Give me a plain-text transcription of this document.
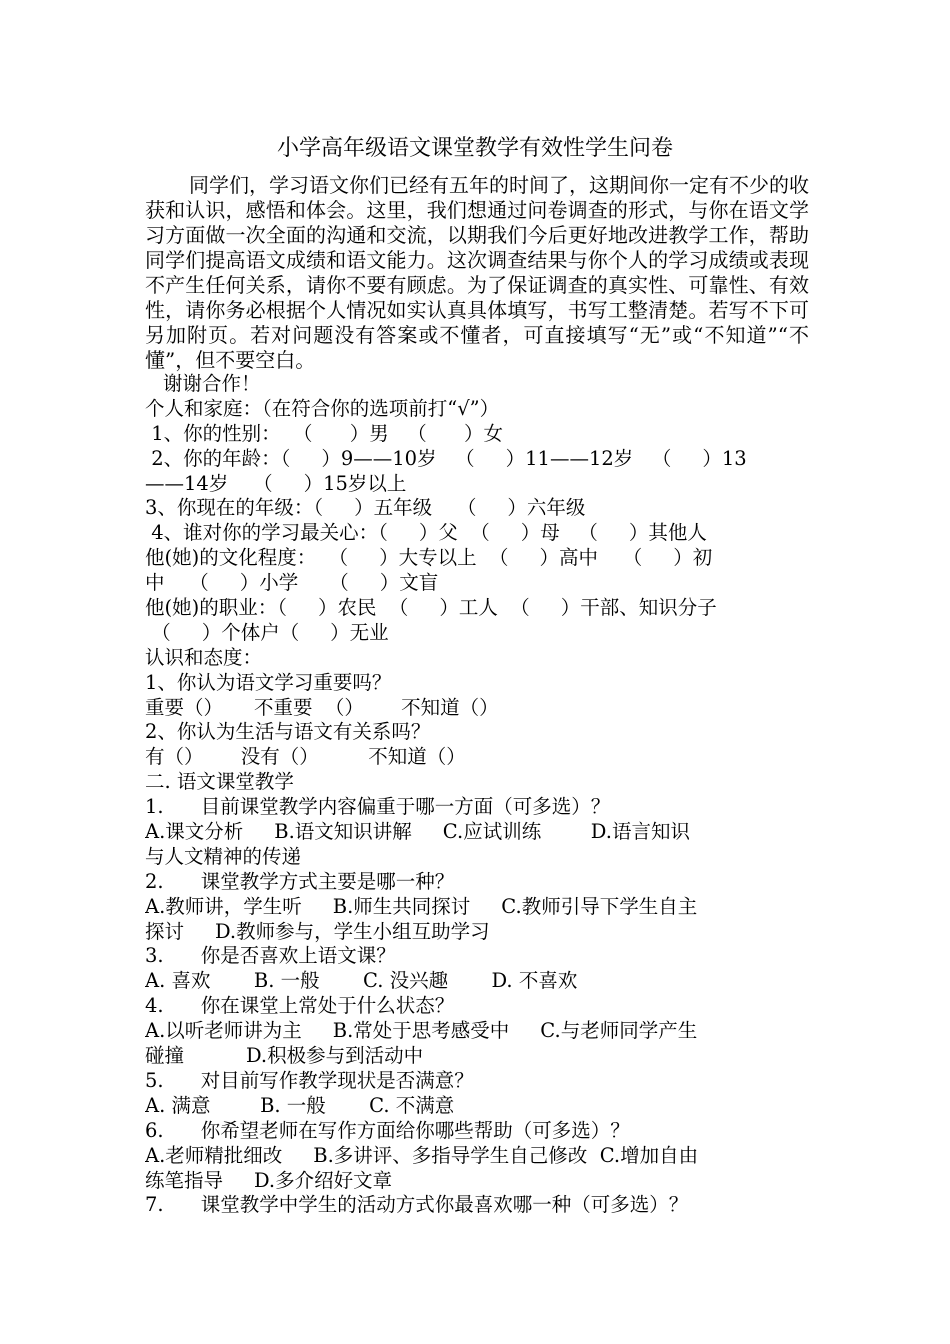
小学高年级语文课堂教学有效性学生问卷
同学们，学习语文你们已经有五年的时间了，这期间你一定有不少的收获和认识，感悟和体会。这里，我们想通过问卷调查的形式，与你在语文学习方面做一次全面的沟通和交流，以期我们今后更好地改进教学工作，帮助同学们提高语文成绩和语文能力。这次调查结果与你个人的学习成绩或表现不产生任何关系，请你不要有顾虑。为了保证调查的真实性、可靠性、有效性，请你务必根据个人情况如实认真具体填写，书写工整清楚。若写不下可另加附页。若对问题没有答案或不懂者，可直接填写“无”或“不知道”“不懂”，但不要空白。
谢谢合作！
个人和家庭：（在符合你的选项前打“√”）
1、你的性别：  （      ）男   （      ）女
2、你的年龄：（     ）9——10岁   （     ）11——12岁   （     ）13
——14岁    （     ）15岁以上
3、你现在的年级：（     ）五年级    （     ）六年级
4、谁对你的学习最关心：（     ）父  （     ）母   （     ）其他人
他(她)的文化程度：  （     ）大专以上  （     ）高中    （     ）初
中    （     ）小学     （     ）文盲
他(她)的职业：（     ）农民  （     ）工人  （     ）干部、知识分子
（     ）个体户（     ）无业
认识和态度：
1、你认为语文学习重要吗？
重要（）     不重要  （）      不知道（）
2、你认为生活与语文有关系吗？
有（）      没有（）        不知道（）
二. 语文课堂教学
1.      目前课堂教学内容偏重于哪一方面（可多选）？
A.课文分析     B.语文知识讲解     C.应试训练        D.语言知识
与人文精神的传递
2.      课堂教学方式主要是哪一种？
A.教师讲，学生听     B.师生共同探讨     C.教师引导下学生自主
探讨     D.教师参与，学生小组互助学习
3.      你是否喜欢上语文课？
A. 喜欢       B. 一般       C. 没兴趣       D. 不喜欢
4.      你在课堂上常处于什么状态？
A.以听老师讲为主     B.常处于思考感受中     C.与老师同学产生
碰撞          D.积极参与到活动中
5.      对目前写作教学现状是否满意？
A. 满意        B. 一般       C. 不满意
6.      你希望老师在写作方面给你哪些帮助（可多选）？
A.老师精批细改     B.多讲评、多指导学生自己修改  C.增加自由
练笔指导     D.多介绍好文章
7.      课堂教学中学生的活动方式你最喜欢哪一种（可多选）？
